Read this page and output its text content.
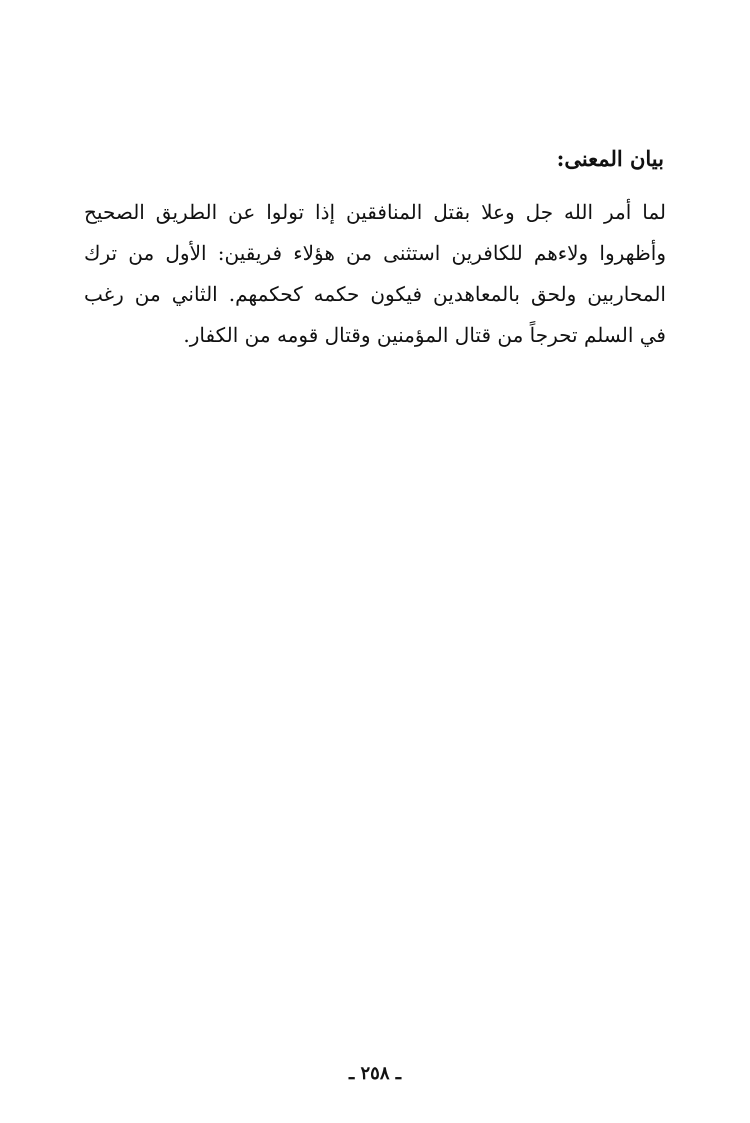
بيان المعنى:
لما أمر الله جل وعلا بقتل المنافقين إذا تولوا عن الطريق الصحيح
وأظهروا ولاءهم للكافرين استثنى من هؤلاء فريقين: الأول من ترك
المحاربين ولحق بالمعاهدين فيكون حكمه كحكمهم. الثاني من رغب
في السلم تحرجاً من قتال المؤمنين وقتال قومه من الكفار.
ـ ٢٥٨ ـ
